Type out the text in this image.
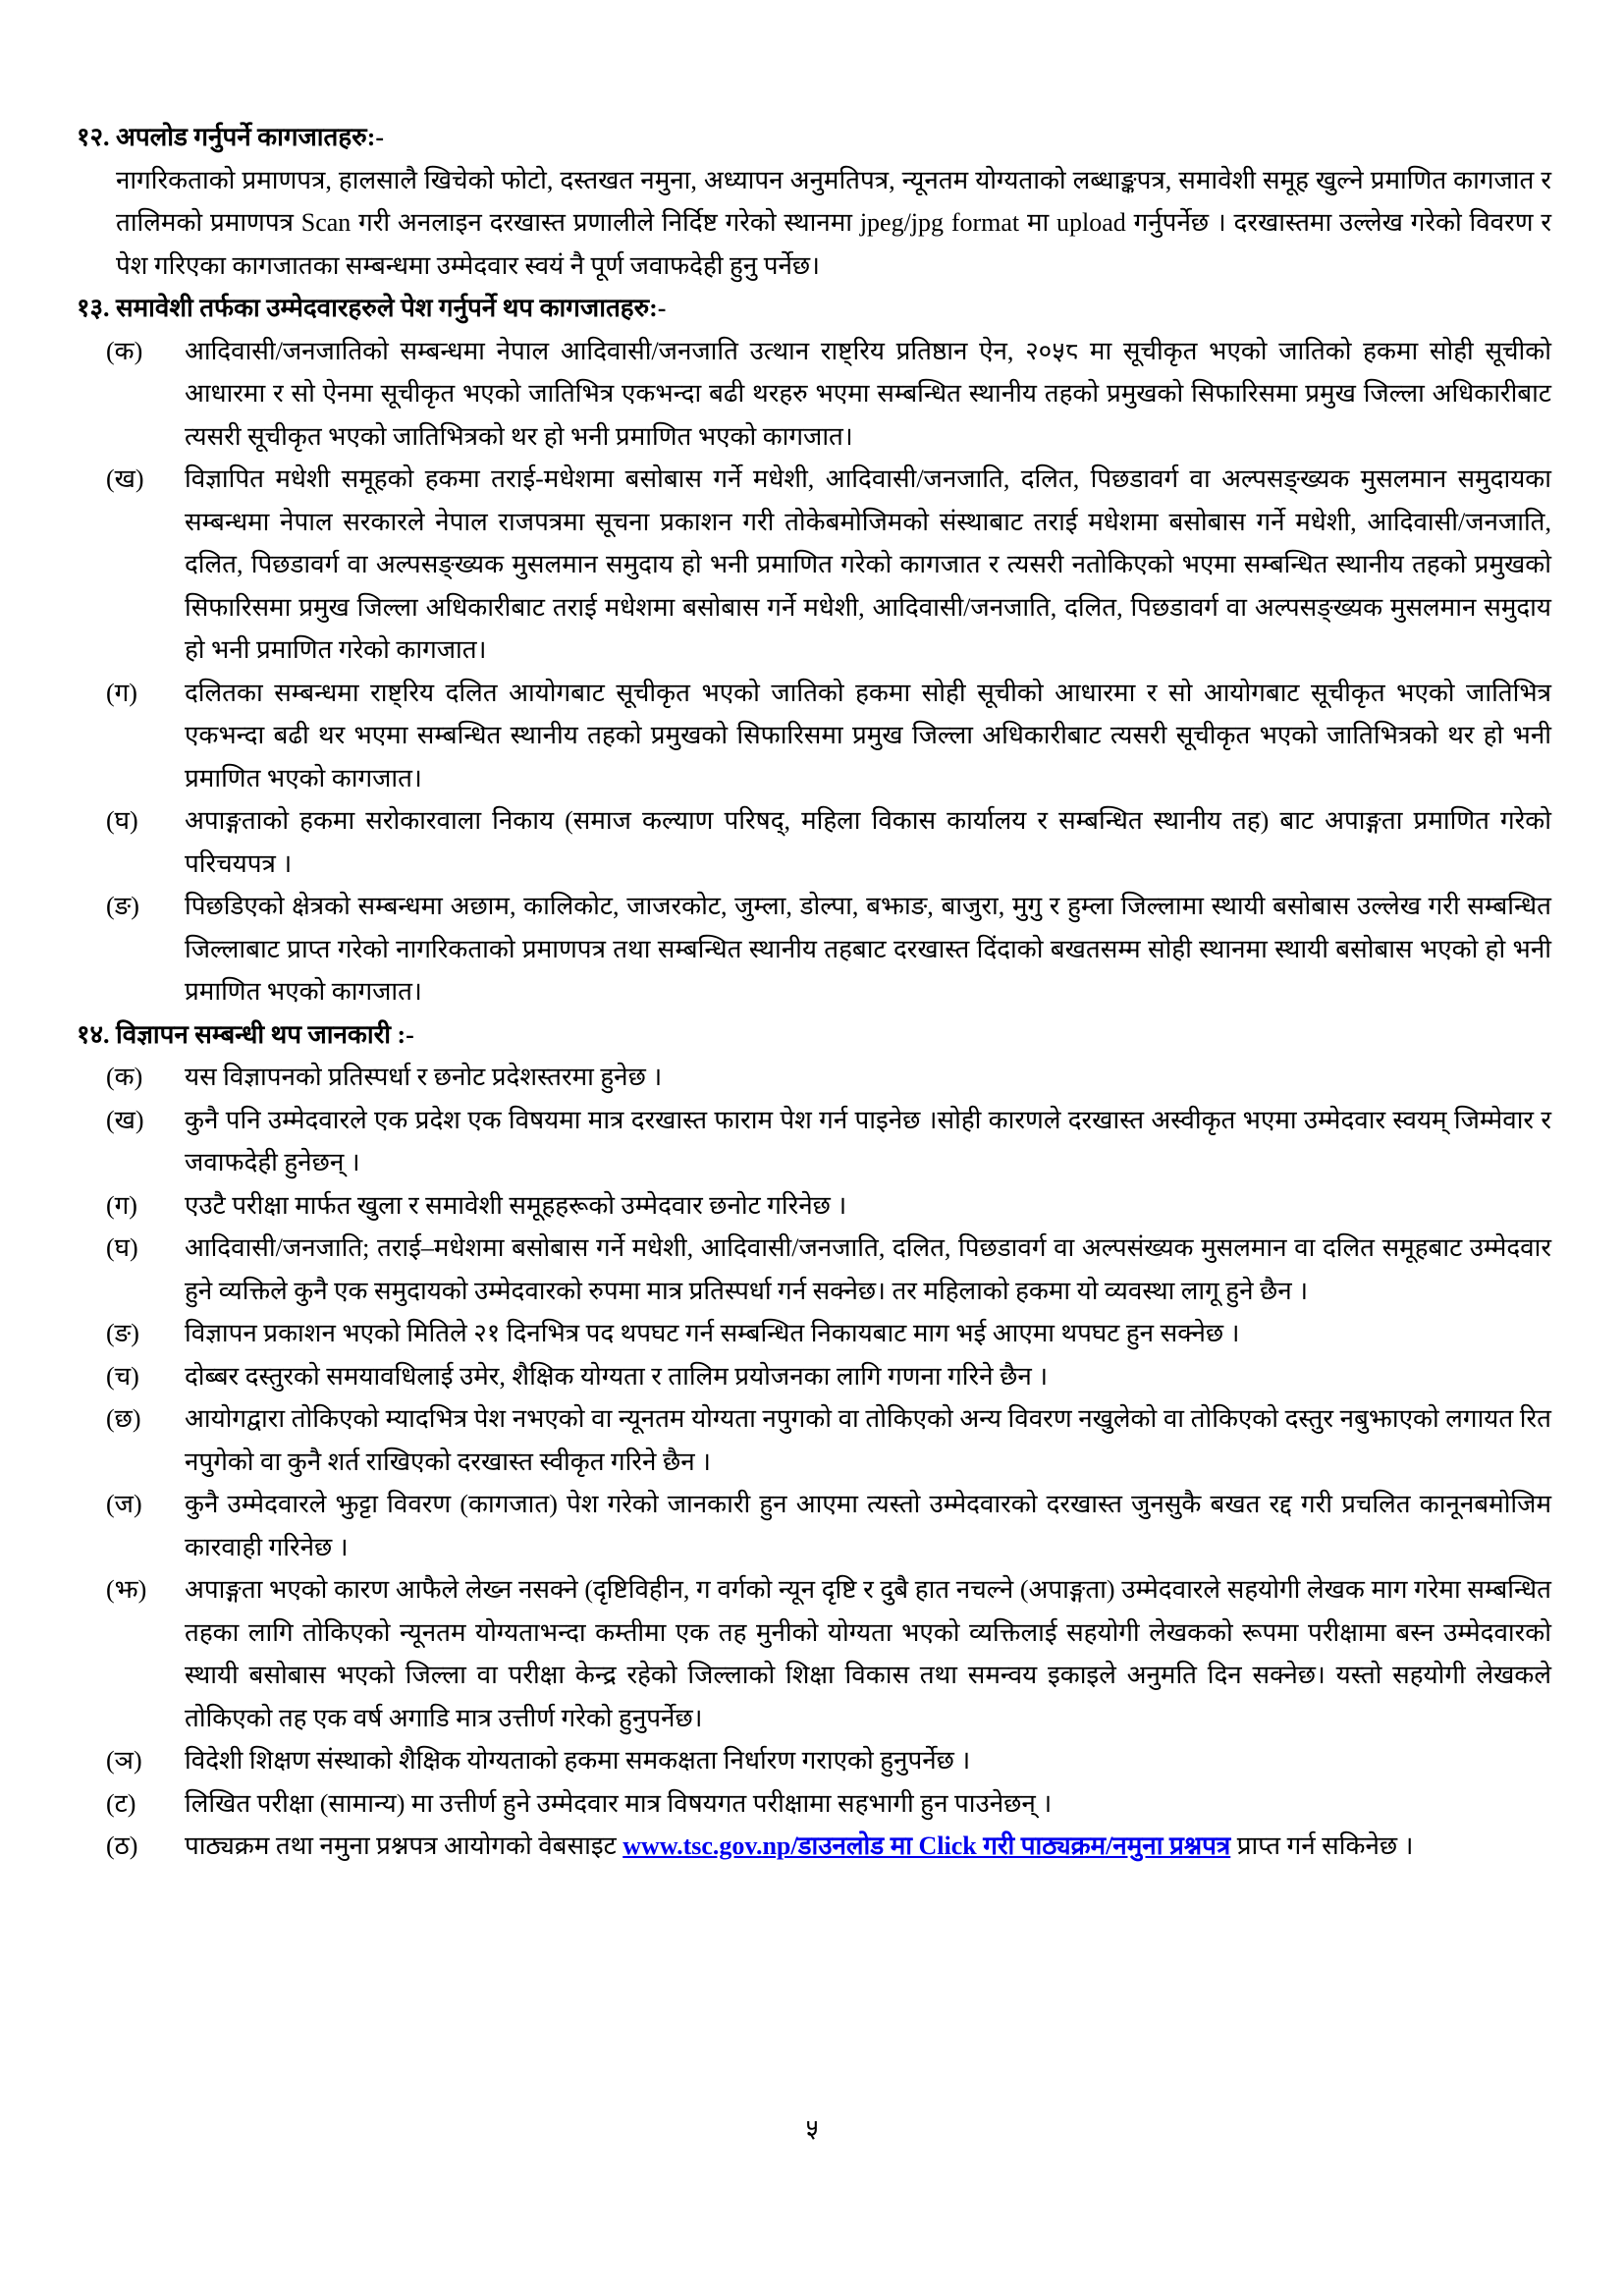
१२. अपलोड गर्नुपर्ने कागजातहरु:-
नागरिकताको प्रमाणपत्र, हालसालै खिचेको फोटो, दस्तखत नमुना, अध्यापन अनुमतिपत्र, न्यूनतम योग्यताको लब्धाङ्कपत्र, समावेशी समूह खुल्ने प्रमाणित कागजात र तालिमको प्रमाणपत्र Scan गरी अनलाइन दरखास्त प्रणालीले निर्दिष्ट गरेको स्थानमा jpeg/jpg format मा upload गर्नुपर्नेछ । दरखास्तमा उल्लेख गरेको विवरण र पेश गरिएका कागजातका सम्बन्धमा उम्मेदवार स्वयं नै पूर्ण जवाफदेही हुनु पर्नेछ।
१३. समावेशी तर्फका उम्मेदवारहरुले पेश गर्नुपर्ने थप कागजातहरु:-
(क)	आदिवासी/जनजातिको सम्बन्धमा नेपाल आदिवासी/जनजाति उत्थान राष्ट्रिय प्रतिष्ठान ऐन, २०५८ मा सूचीकृत भएको जातिको हकमा सोही सूचीको आधारमा र सो ऐनमा सूचीकृत भएको जातिभित्र एकभन्दा बढी थरहरु भएमा सम्बन्धित स्थानीय तहको प्रमुखको सिफारिसमा प्रमुख जिल्ला अधिकारीबाट त्यसरी सूचीकृत भएको जातिभित्रको थर हो भनी प्रमाणित भएको कागजात।
(ख)	विज्ञापित मधेशी समूहको हकमा तराई-मधेशमा बसोबास गर्ने मधेशी, आदिवासी/जनजाति, दलित, पिछडावर्ग वा अल्पसङ्ख्यक मुसलमान समुदायका सम्बन्धमा नेपाल सरकारले नेपाल राजपत्रमा सूचना प्रकाशन गरी तोकेबमोजिमको संस्थाबाट तराई मधेशमा बसोबास गर्ने मधेशी, आदिवासी/जनजाति, दलित, पिछडावर्ग वा अल्पसङ्ख्यक मुसलमान समुदाय हो भनी प्रमाणित गरेको कागजात र त्यसरी नतोकिएको भएमा सम्बन्धित स्थानीय तहको प्रमुखको सिफारिसमा प्रमुख जिल्ला अधिकारीबाट तराई मधेशमा बसोबास गर्ने मधेशी, आदिवासी/जनजाति, दलित, पिछडावर्ग वा अल्पसङ्ख्यक मुसलमान समुदाय हो भनी प्रमाणित गरेको कागजात।
(ग)	दलितका सम्बन्धमा राष्ट्रिय दलित आयोगबाट सूचीकृत भएको जातिको हकमा सोही सूचीको आधारमा र सो आयोगबाट सूचीकृत भएको जातिभित्र एकभन्दा बढी थर भएमा सम्बन्धित स्थानीय तहको प्रमुखको सिफारिसमा प्रमुख जिल्ला अधिकारीबाट त्यसरी सूचीकृत भएको जातिभित्रको थर हो भनी प्रमाणित भएको कागजात।
(घ)	अपाङ्गताको हकमा सरोकारवाला निकाय (समाज कल्याण परिषद्, महिला विकास कार्यालय र सम्बन्धित स्थानीय तह) बाट अपाङ्गता प्रमाणित गरेको परिचयपत्र ।
(ङ)	पिछडिएको क्षेत्रको सम्बन्धमा अछाम, कालिकोट, जाजरकोट, जुम्ला, डोल्पा, बझाङ, बाजुरा, मुगु र हुम्ला जिल्लामा स्थायी बसोबास उल्लेख गरी सम्बन्धित जिल्लाबाट प्राप्त गरेको नागरिकताको प्रमाणपत्र तथा सम्बन्धित स्थानीय तहबाट दरखास्त दिंदाको बखतसम्म सोही स्थानमा स्थायी बसोबास भएको हो भनी प्रमाणित भएको कागजात।
१४. विज्ञापन सम्बन्धी थप जानकारी :-
(क)	यस विज्ञापनको प्रतिस्पर्धा र छनोट प्रदेशस्तरमा हुनेछ ।
(ख)	कुनै पनि उम्मेदवारले एक प्रदेश एक विषयमा मात्र दरखास्त फाराम पेश गर्न पाइनेछ ।सोही कारणले दरखास्त अस्वीकृत भएमा उम्मेदवार स्वयम् जिम्मेवार र जवाफदेही हुनेछन् ।
(ग)	एउटै परीक्षा मार्फत खुला र समावेशी समूहहरूको उम्मेदवार छनोट गरिनेछ ।
(घ)	आदिवासी/जनजाति; तराई–मधेशमा बसोबास गर्ने मधेशी, आदिवासी/जनजाति, दलित, पिछडावर्ग वा अल्पसंख्यक मुसलमान वा दलित समूहबाट उम्मेदवार हुने व्यक्तिले कुनै एक समुदायको उम्मेदवारको रुपमा मात्र प्रतिस्पर्धा गर्न सक्नेछ। तर महिलाको हकमा यो व्यवस्था लागू हुने छैन ।
(ङ)	विज्ञापन प्रकाशन भएको मितिले २१ दिनभित्र पद थपघट गर्न सम्बन्धित निकायबाट माग भई आएमा थपघट हुन सक्नेछ ।
(च)	दोब्बर दस्तुरको समयावधिलाई उमेर, शैक्षिक योग्यता र तालिम प्रयोजनका लागि गणना गरिने छैन ।
(छ)	आयोगद्वारा तोकिएको म्यादभित्र पेश नभएको वा न्यूनतम योग्यता नपुगको वा तोकिएको अन्य विवरण नखुलेको वा तोकिएको दस्तुर नबुझाएको लगायत रित नपुगेको वा कुनै शर्त राखिएको दरखास्त स्वीकृत गरिने छैन ।
(ज)	कुनै उम्मेदवारले झुट्टा विवरण (कागजात) पेश गरेको जानकारी हुन आएमा त्यस्तो उम्मेदवारको दरखास्त जुनसुकै बखत रद्द गरी प्रचलित कानूनबमोजिम कारवाही गरिनेछ ।
(झ)	अपाङ्गता भएको कारण आफैले लेख्न नसक्ने (दृष्टिविहीन, ग वर्गको न्यून दृष्टि र दुबै हात नचल्ने (अपाङ्गता) उम्मेदवारले सहयोगी लेखक माग गरेमा सम्बन्धित तहका लागि तोकिएको न्यूनतम योग्यताभन्दा कम्तीमा एक तह मुनीको योग्यता भएको व्यक्तिलाई सहयोगी लेखकको रूपमा परीक्षामा बस्न उम्मेदवारको स्थायी बसोबास भएको जिल्ला वा परीक्षा केन्द्र रहेको जिल्लाको शिक्षा विकास तथा समन्वय इकाइले अनुमति दिन सक्नेछ। यस्तो सहयोगी लेखकले तोकिएको तह एक वर्ष अगाडि मात्र उत्तीर्ण गरेको हुनुपर्नेछ।
(ञ)	विदेशी शिक्षण संस्थाको शैक्षिक योग्यताको हकमा समकक्षता निर्धारण गराएको हुनुपर्नेछ ।
(ट)	लिखित परीक्षा (सामान्य) मा उत्तीर्ण हुने उम्मेदवार मात्र विषयगत परीक्षामा सहभागी हुन पाउनेछन् ।
(ठ)	पाठ्यक्रम तथा नमुना प्रश्नपत्र आयोगको वेबसाइट www.tsc.gov.np/डाउनलोड मा Click गरी पाठ्यक्रम/नमुना प्रश्नपत्र प्राप्त गर्न सकिनेछ ।
५
